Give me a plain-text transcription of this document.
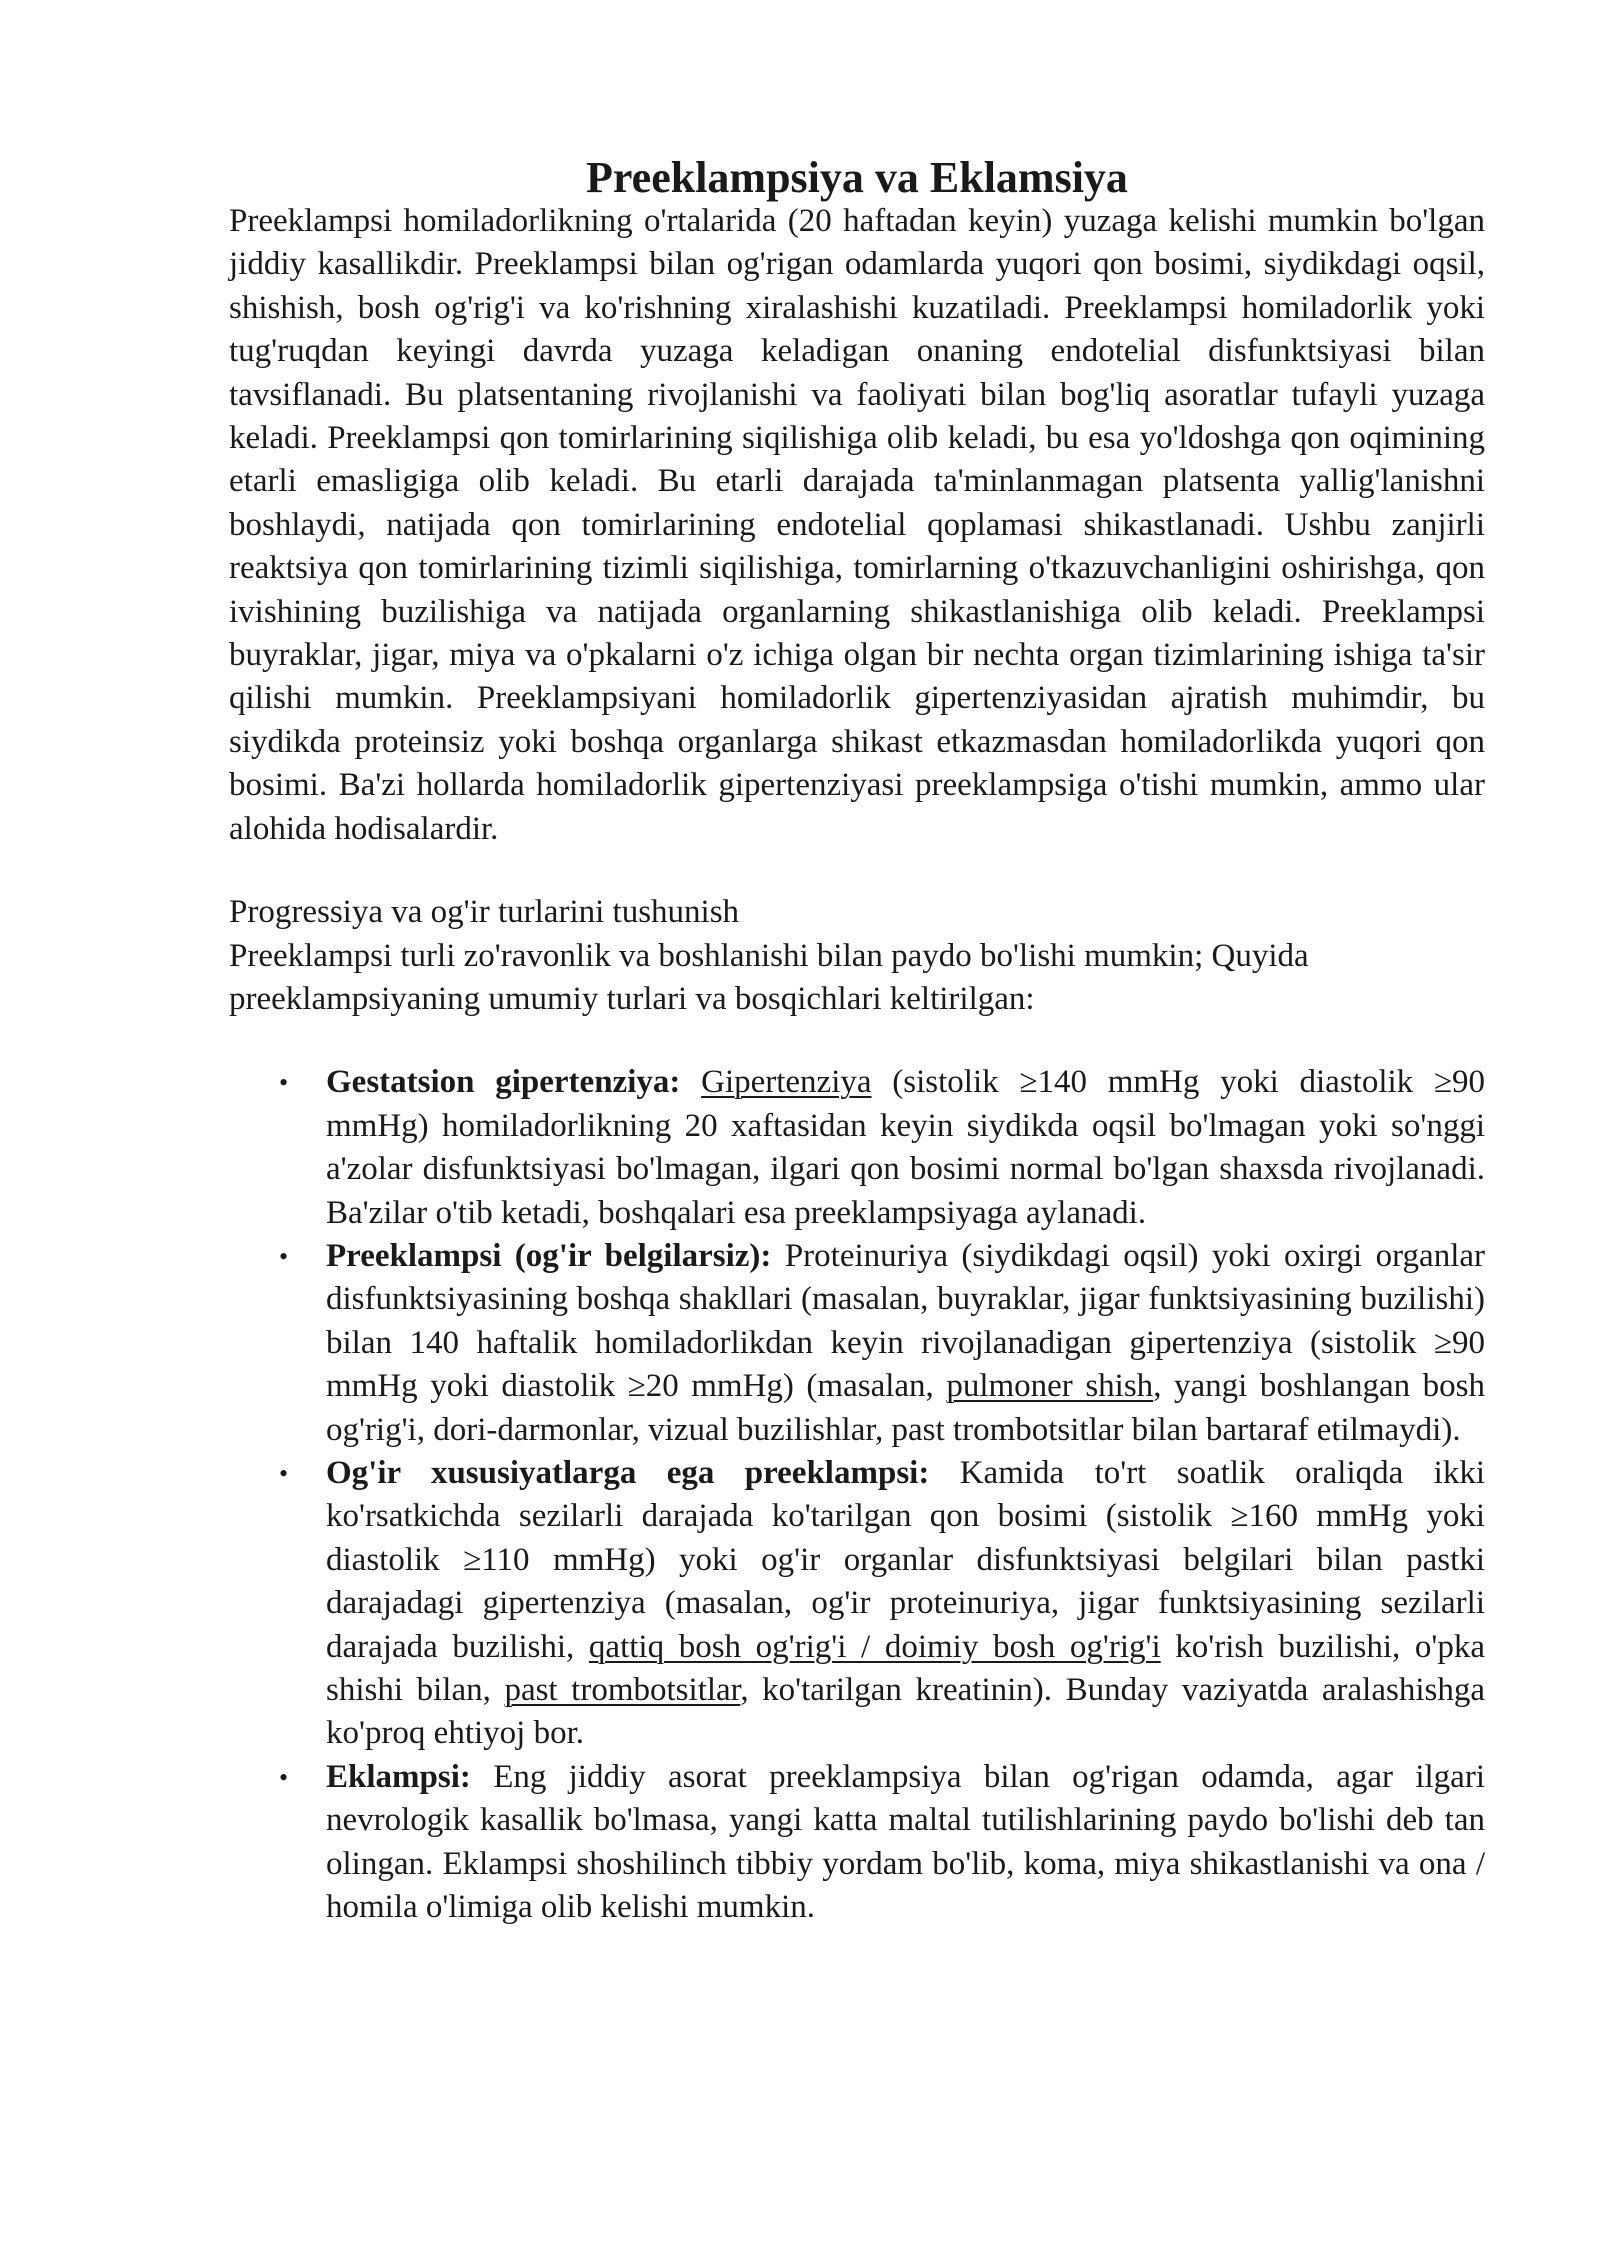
Preeklampsiya va Eklamsiya

Preeklampsi homiladorlikning o'rtalarida (20 haftadan keyin) yuzaga kelishi mumkin bo'lgan jiddiy kasallikdir. Preeklampsi bilan og'rigan odamlarda yuqori qon bosimi, siydikdagi oqsil, shishish, bosh og'rig'i va ko'rishning xiralashishi kuzatiladi. Preeklampsi homiladorlik yoki tug'ruqdan keyingi davrda yuzaga keladigan onaning endotelial disfunktsiyasi bilan tavsiflanadi. Bu platsentaning rivojlanishi va faoliyati bilan bog'liq asoratlar tufayli yuzaga keladi. Preeklampsi qon tomirlarining siqilishiga olib keladi, bu esa yo'ldoshga qon oqimining etarli emasligiga olib keladi. Bu etarli darajada ta'minlanmagan platsenta yallig'lanishni boshlaydi, natijada qon tomirlarining endotelial qoplamasi shikastlanadi. Ushbu zanjirli reaktsiya qon tomirlarining tizimli siqilishiga, tomirlarning o'tkazuvchanligini oshirishga, qon ivishining buzilishiga va natijada organlarning shikastlanishiga olib keladi. Preeklampsi buyraklar, jigar, miya va o'pkalarni o'z ichiga olgan bir nechta organ tizimlarining ishiga ta'sir qilishi mumkin. Preeklampsiyani homiladorlik gipertenziyasidan ajratish muhimdir, bu siydikda proteinsiz yoki boshqa organlarga shikast etkazmasdan homiladorlikda yuqori qon bosimi. Ba'zi hollarda homiladorlik gipertenziyasi preeklampsiga o'tishi mumkin, ammo ular alohida hodisalardir.

Progressiya va og'ir turlarini tushunish

Preeklampsi turli zo'ravonlik va boshlanishi bilan paydo bo'lishi mumkin; Quyida preeklampsiyaning umumiy turlari va bosqichlari keltirilgan:

• Gestatsion gipertenziya: Gipertenziya (sistolik ≥140 mmHg yoki diastolik ≥90 mmHg) homiladorlikning 20 xaftasidan keyin siydikda oqsil bo'lmagan yoki so'nggi a'zolar disfunktsiyasi bo'lmagan, ilgari qon bosimi normal bo'lgan shaxsda rivojlanadi. Ba'zilar o'tib ketadi, boshqalari esa preeklampsiyaga aylanadi.
• Preeklampsi (og'ir belgilarsiz): Proteinuriya (siydikdagi oqsil) yoki oxirgi organlar disfunktsiyasining boshqa shakllari (masalan, buyraklar, jigar funktsiyasining buzilishi) bilan 140 haftalik homiladorlikdan keyin rivojlanadigan gipertenziya (sistolik ≥90 mmHg yoki diastolik ≥20 mmHg) (masalan, pulmoner shish, yangi boshlangan bosh og'rig'i, dori-darmonlar, vizual buzilishlar, past trombotsitlar bilan bartaraf etilmaydi).
• Og'ir xususiyatlarga ega preeklampsi: Kamida to'rt soatlik oraliqda ikki ko'rsatkichda sezilarli darajada ko'tarilgan qon bosimi (sistolik ≥160 mmHg yoki diastolik ≥110 mmHg) yoki og'ir organlar disfunktsiyasi belgilari bilan pastki darajadagi gipertenziya (masalan, og'ir proteinuriya, jigar funktsiyasining sezilarli darajada buzilishi, qattiq bosh og'rig'i / doimiy bosh og'rig'i ko'rish buzilishi, o'pka shishi bilan, past trombotsitlar, ko'tarilgan kreatinin). Bunday vaziyatda aralashishga ko'proq ehtiyoj bor.
• Eklampsi: Eng jiddiy asorat preeklampsiya bilan og'rigan odamda, agar ilgari nevrologik kasallik bo'lmasa, yangi katta maltal tutilishlarining paydo bo'lishi deb tan olingan. Eklampsi shoshilinch tibbiy yordam bo'lib, koma, miya shikastlanishi va ona / homila o'limiga olib kelishi mumkin.
